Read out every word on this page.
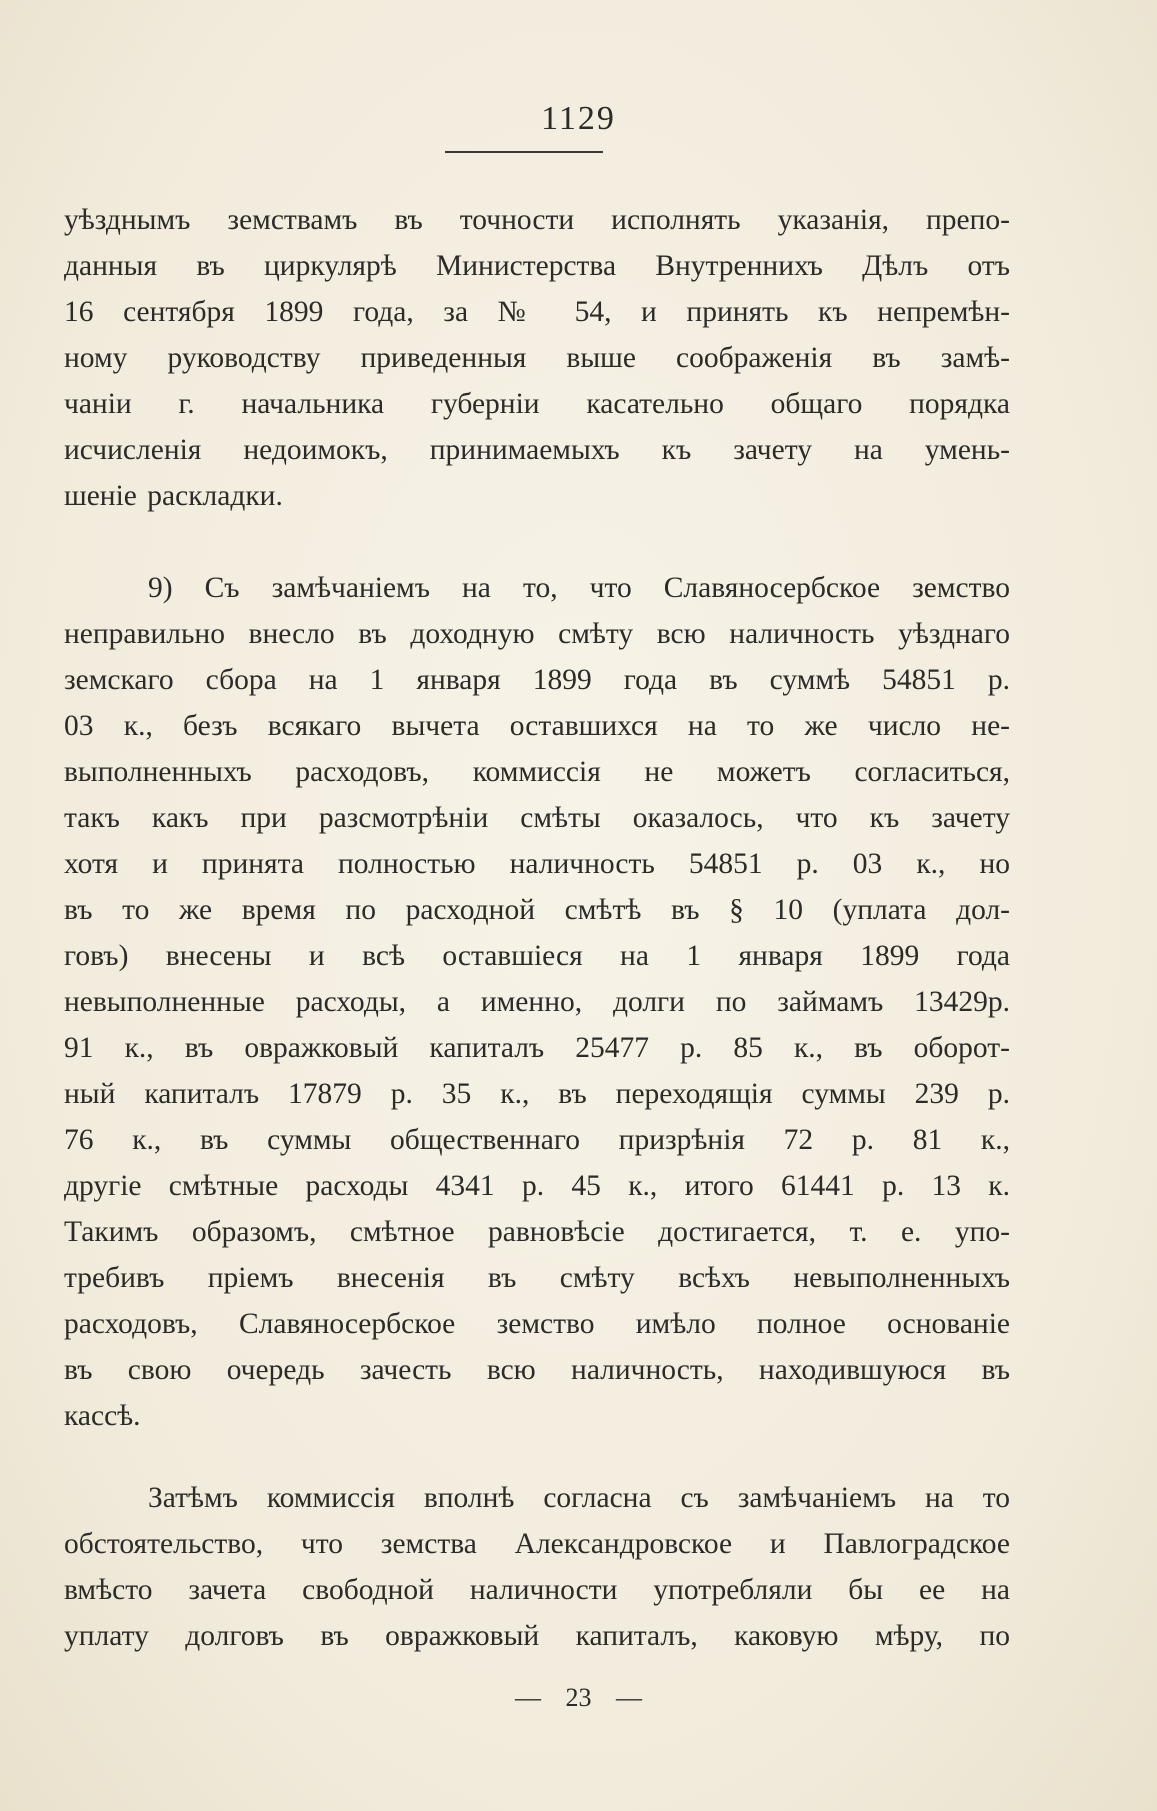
1129
уѣзднымъ земствамъ въ точности исполнять указанія, препо-
данныя въ циркулярѣ Министерства Внутреннихъ Дѣлъ отъ
16 сентября 1899 года, за № 54, и принять къ непремѣн-
ному руководству приведенныя выше соображенія въ замѣ-
чаніи г. начальника губерніи касательно общаго порядка
исчисленія недоимокъ, принимаемыхъ къ зачету на умень-
шеніе раскладки.
9) Съ замѣчаніемъ на то, что Славяносербское земство
неправильно внесло въ доходную смѣту всю наличность уѣзднаго
земскаго сбора на 1 января 1899 года въ суммѣ 54851 р.
03 к., безъ всякаго вычета оставшихся на то же число не-
выполненныхъ расходовъ, коммиссія не можетъ согласиться,
такъ какъ при разсмотрѣніи смѣты оказалось, что къ зачету
хотя и принята полностью наличность 54851 р. 03 к., но
въ то же время по расходной смѣтѣ въ § 10 (уплата дол-
говъ) внесены и всѣ оставшіеся на 1 января 1899 года
невыполненные расходы, а именно, долги по займамъ 13429р.
91 к., въ овражковый капиталъ 25477 р. 85 к., въ оборот-
ный капиталъ 17879 р. 35 к., въ переходящія суммы 239 р.
76 к., въ суммы общественнаго призрѣнія 72 р. 81 к.,
другіе смѣтные расходы 4341 р. 45 к., итого 61441 р. 13 к.
Такимъ образомъ, смѣтное равновѣсіе достигается, т. е. упо-
требивъ пріемъ внесенія въ смѣту всѣхъ невыполненныхъ
расходовъ, Славяносербское земство имѣло полное основаніе
въ свою очередь зачесть всю наличность, находившуюся въ
кассѣ.
Затѣмъ коммиссія вполнѣ согласна съ замѣчаніемъ на то
обстоятельство, что земства Александровское и Павлоградское
вмѣсто зачета свободной наличности употребляли бы ее на
уплату долговъ въ овражковый капиталъ, каковую мѣру, по
— 23 —
